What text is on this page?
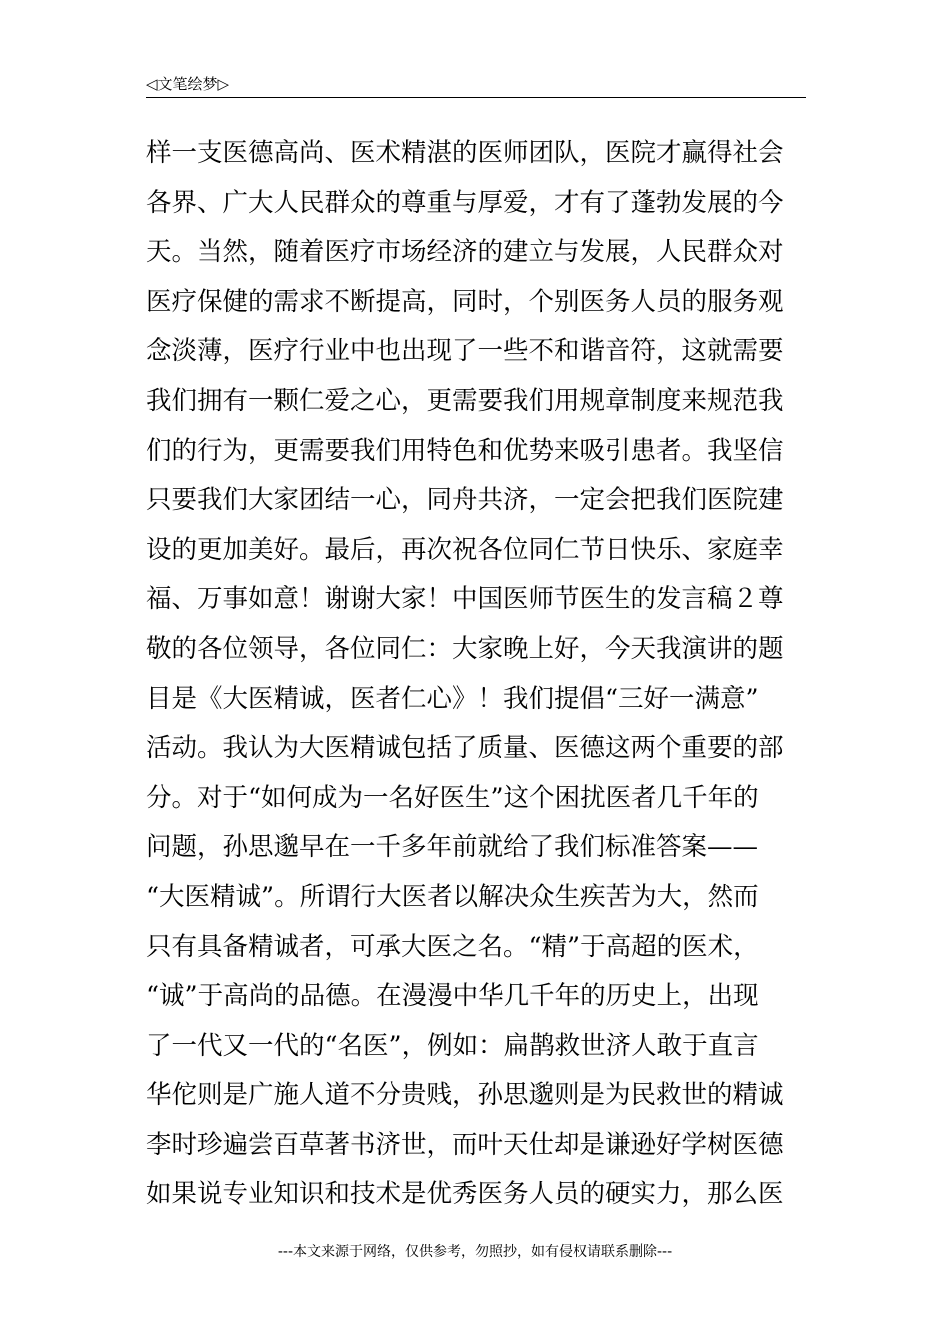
◁文笔绘梦▷
样一支医德高尚、医术精湛的医师团队，医院才赢得社会
各界、广大人民群众的尊重与厚爱，才有了蓬勃发展的今
天。当然，随着医疗市场经济的建立与发展，人民群众对
医疗保健的需求不断提高，同时，个别医务人员的服务观
念淡薄，医疗行业中也出现了一些不和谐音符，这就需要
我们拥有一颗仁爱之心，更需要我们用规章制度来规范我
们的行为，更需要我们用特色和优势来吸引患者。我坚信
只要我们大家团结一心，同舟共济，一定会把我们医院建
设的更加美好。最后，再次祝各位同仁节日快乐、家庭幸
福、万事如意！谢谢大家！中国医师节医生的发言稿２尊
敬的各位领导，各位同仁：大家晚上好，今天我演讲的题
目是《大医精诚，医者仁心》！我们提倡“三好一满意”
活动。我认为大医精诚包括了质量、医德这两个重要的部
分。对于“如何成为一名好医生”这个困扰医者几千年的
问题，孙思邈早在一千多年前就给了我们标准答案——
“大医精诚”。所谓行大医者以解决众生疾苦为大，然而
只有具备精诚者，可承大医之名。“精”于高超的医术，
“诚”于高尚的品德。在漫漫中华几千年的历史上，出现
了一代又一代的“名医”，例如：扁鹊救世济人敢于直言
华佗则是广施人道不分贵贱，孙思邈则是为民救世的精诚
李时珍遍尝百草著书济世，而叶天仕却是谦逊好学树医德
如果说专业知识和技术是优秀医务人员的硬实力，那么医
---本文来源于网络，仅供参考，勿照抄，如有侵权请联系删除---
